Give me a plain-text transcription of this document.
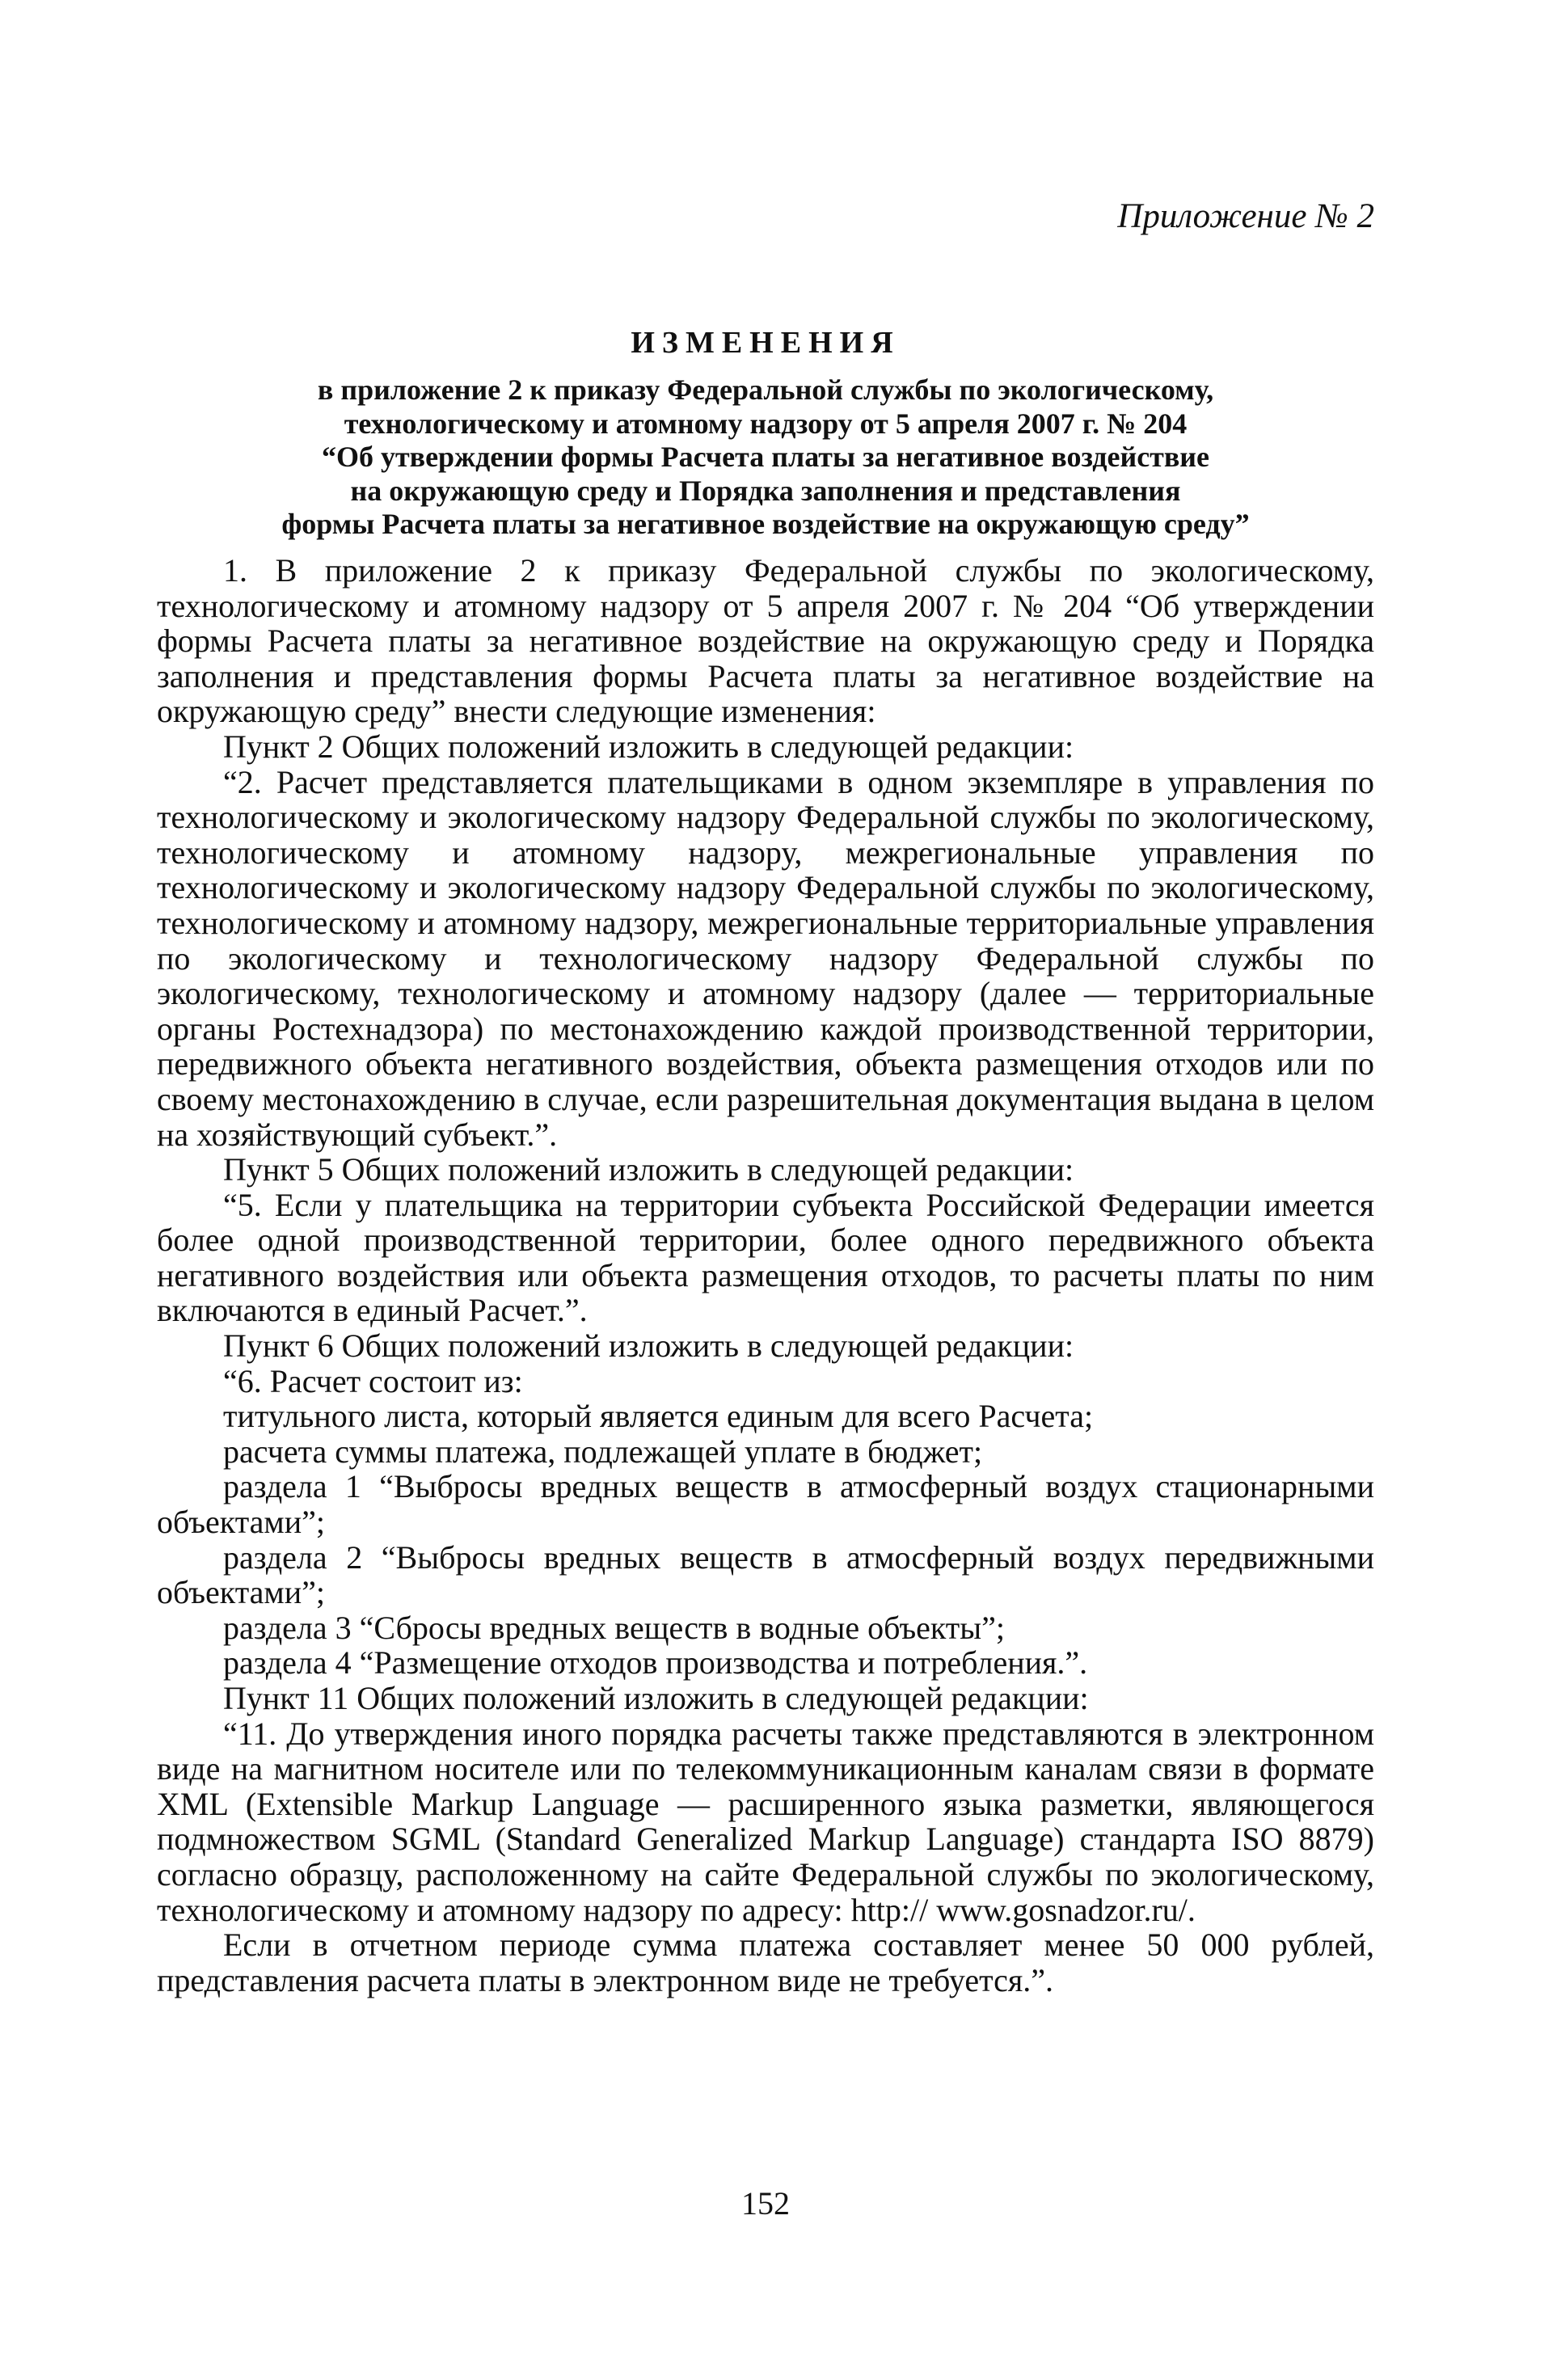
Приложение № 2
ИЗМЕНЕНИЯ
в приложение 2 к приказу Федеральной службы по экологическому,
технологическому и атомному надзору от 5 апреля 2007 г. № 204
“Об утверждении формы Расчета платы за негативное воздействие
на окружающую среду и Порядка заполнения и представления
формы Расчета платы за негативное воздействие на окружающую среду”

1. В приложение 2 к приказу Федеральной службы по экологическому, технологическому и атомному надзору от 5 апреля 2007 г. № 204 “Об утверждении формы Расчета платы за негативное воздействие на окружающую среду и Порядка заполнения и представления формы Расчета платы за негативное воздействие на окружающую среду” внести следующие изменения:

Пункт 2 Общих положений изложить в следующей редакции:

“2. Расчет представляется плательщиками в одном экземпляре в управления по технологическому и экологическому надзору Федеральной службы по экологическому, технологическому и атомному надзору, межрегиональные управления по технологическому и экологическому надзору Федеральной службы по экологическому, технологическому и атомному надзору, межрегиональные территориальные управления по экологическому и технологическому надзору Федеральной службы по экологическому, технологическому и атомному надзору (далее — территориальные органы Ростехнадзора) по местонахождению каждой производственной территории, передвижного объекта негативного воздействия, объекта размещения отходов или по своему местонахождению в случае, если разрешительная документация выдана в целом на хозяйствующий субъект.”.

Пункт 5 Общих положений изложить в следующей редакции:

“5. Если у плательщика на территории субъекта Российской Федерации имеется более одной производственной территории, более одного передвижного объекта негативного воздействия или объекта размещения отходов, то расчеты платы по ним включаются в единый Расчет.”.

Пункт 6 Общих положений изложить в следующей редакции:

“6. Расчет состоит из:

титульного листа, который является единым для всего Расчета;

расчета суммы платежа, подлежащей уплате в бюджет;

раздела 1 “Выбросы вредных веществ в атмосферный воздух стационарными объектами”;

раздела 2 “Выбросы вредных веществ в атмосферный воздух передвижными объектами”;

раздела 3 “Сбросы вредных веществ в водные объекты”;

раздела 4 “Размещение отходов производства и потребления.”.

Пункт 11 Общих положений изложить в следующей редакции:

“11. До утверждения иного порядка расчеты также представляются в электронном виде на магнитном носителе или по телекоммуникационным каналам связи в формате XML (Extensible Markup Language — расширенного языка разметки, являющегося подмножеством SGML (Standard Generalized Markup Language) стандарта ISO 8879) согласно образцу, расположенному на сайте Федеральной службы по экологическому, технологическому и атомному надзору по адресу: http:// www.gosnadzor.ru/.

Если в отчетном периоде сумма платежа составляет менее 50 000 рублей, представления расчета платы в электронном виде не требуется.”.

152
